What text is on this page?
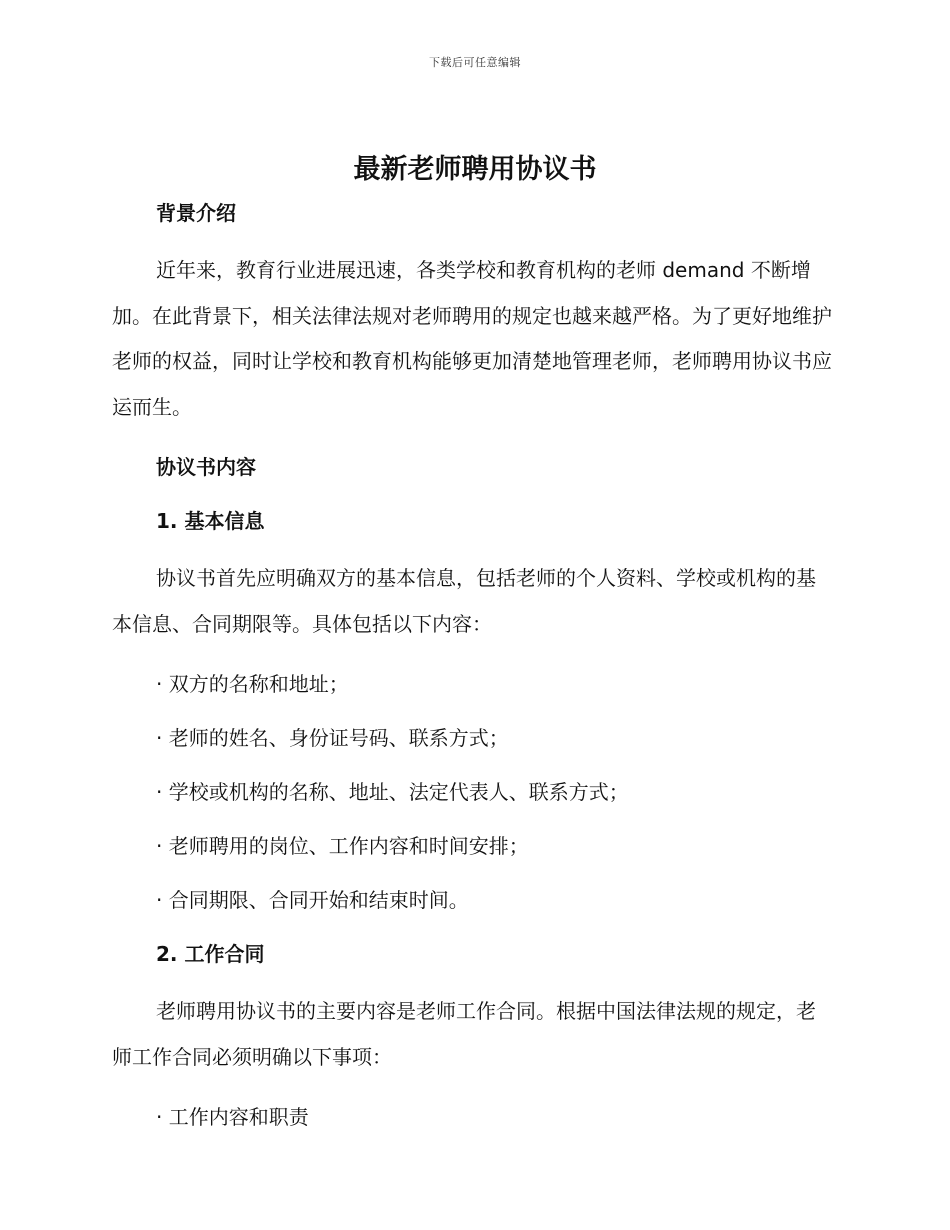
下载后可任意编辑
最新老师聘用协议书

背景介绍

近年来，教育行业进展迅速，各类学校和教育机构的老师 demand 不断增加。在此背景下，相关法律法规对老师聘用的规定也越来越严格。为了更好地维护老师的权益，同时让学校和教育机构能够更加清楚地管理老师，老师聘用协议书应运而生。

协议书内容

1. 基本信息

协议书首先应明确双方的基本信息，包括老师的个人资料、学校或机构的基本信息、合同期限等。具体包括以下内容：

· 双方的名称和地址；

· 老师的姓名、身份证号码、联系方式；

· 学校或机构的名称、地址、法定代表人、联系方式；

· 老师聘用的岗位、工作内容和时间安排；

· 合同期限、合同开始和结束时间。

2. 工作合同

老师聘用协议书的主要内容是老师工作合同。根据中国法律法规的规定，老师工作合同必须明确以下事项：

· 工作内容和职责
